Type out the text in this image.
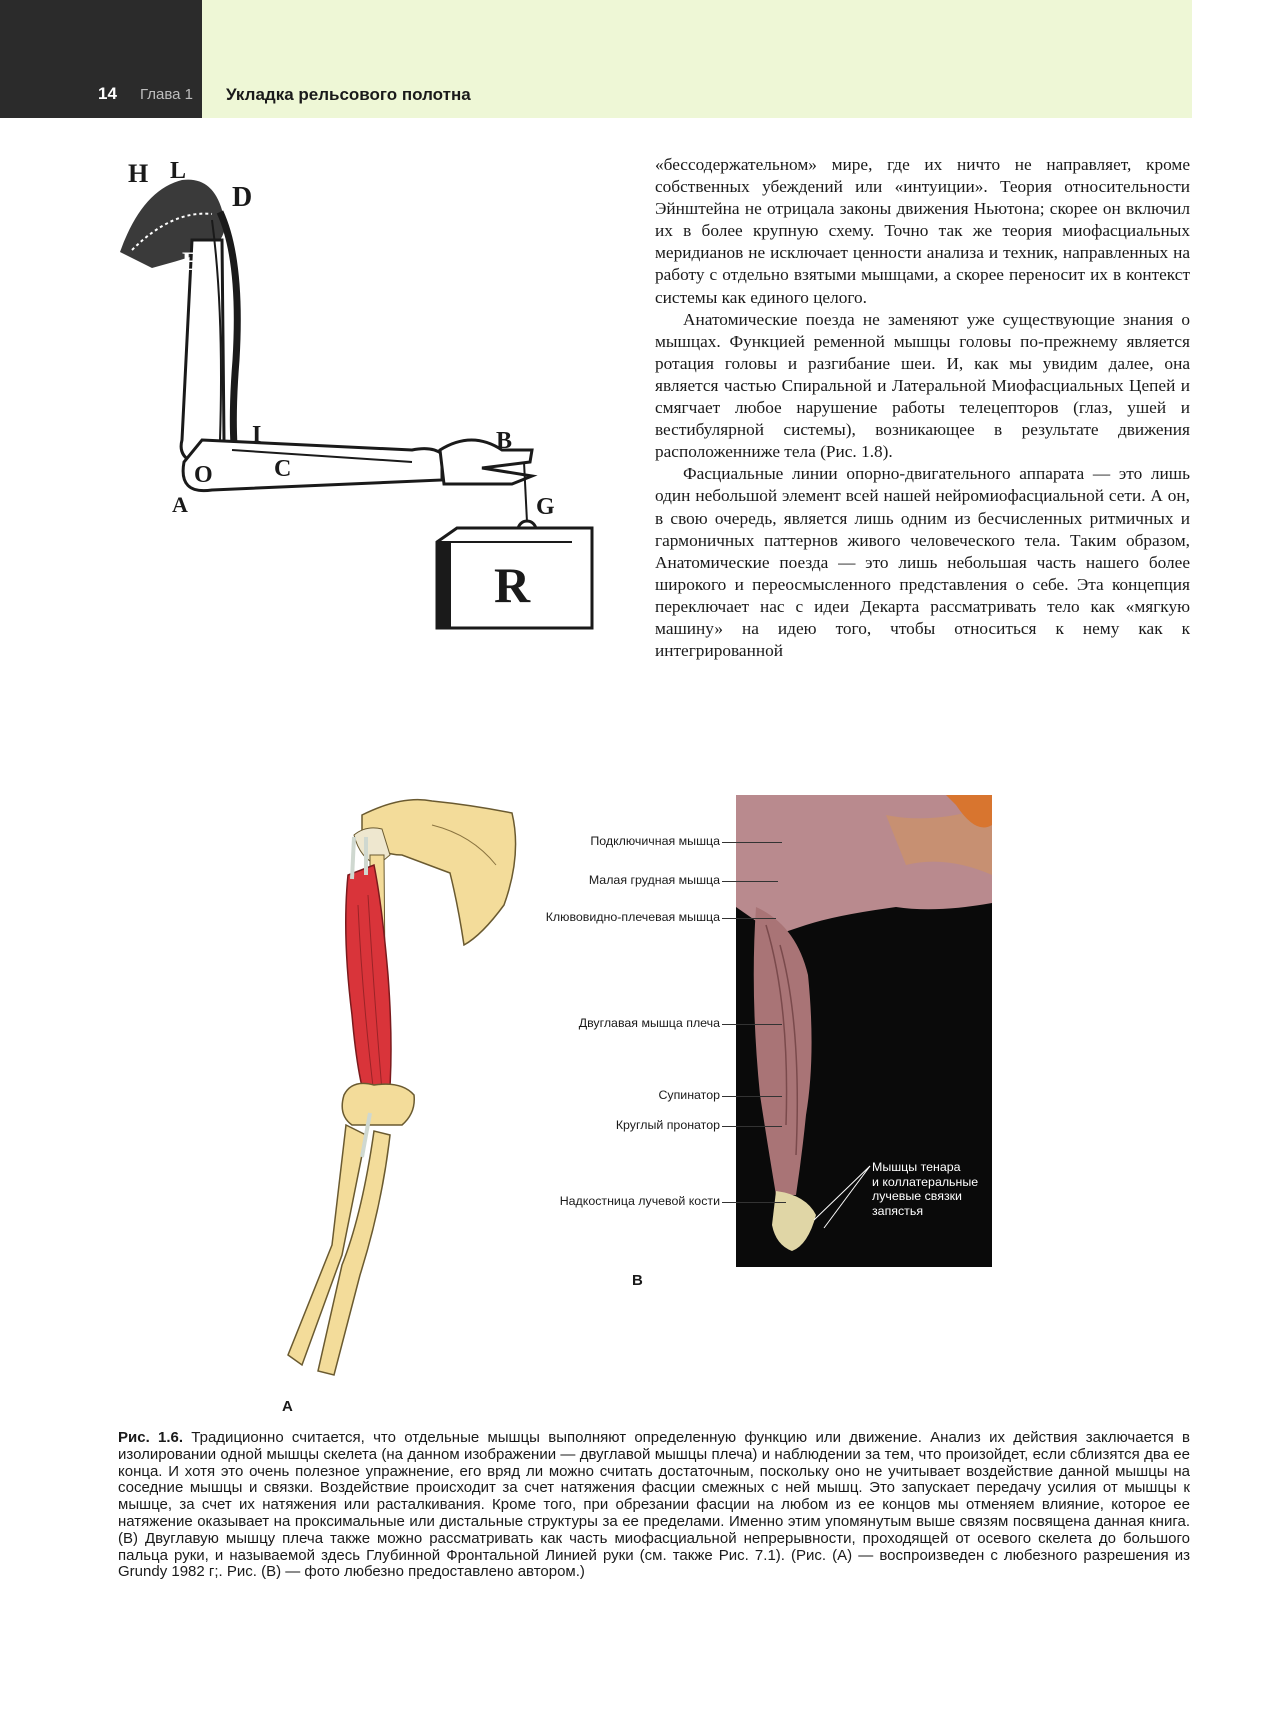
14 Глава 1 Укладка рельсового полотна
H L
D
E
I
O	C
A
B
G
R

«бессодержательном» мире, где их ничто не направляет, кроме собственных убеждений или «интуиции». Теория относительности Эйнштейна не отрицала законы движения Ньютона; скорее он включил их в более крупную схему. Точно так же теория миофасциальных меридианов не исключает ценности анализа и техник, направленных на работу с отдельно взятыми мышцами, а скорее переносит их в контекст системы как единого целого.

Анатомические поезда не заменяют уже существующие знания о мышцах. Функцией ременной мышцы головы по-прежнему является ротация головы и разгибание шеи. И, как мы увидим далее, она является частью Спиральной и Латеральной Миофасциальных Цепей и смягчает любое нарушение работы телецепторов (глаз, ушей и вестибулярной системы), возникающее в результате движения расположенниже тела (Рис. 1.8).

Фасциальные линии опорно-двигательного аппарата — это лишь один небольшой элемент всей нашей нейромиофасциальной сети. А он, в свою очередь, является лишь одним из бесчисленных ритмичных и гармоничных паттернов живого человеческого тела. Таким образом, Анатомические поезда — это лишь небольшая часть нашего более широкого и переосмысленного представления о себе. Эта концепция переключает нас с идеи Декарта рассматривать тело как «мягкую машину» на идею того, чтобы относиться к нему как к интегрированной

A
B
Подключичная мышца
Малая грудная мышца
Клювовидно-плечевая мышца
Двуглавая мышца плеча
Супинатор
Круглый пронатор
Надкостница лучевой кости
Мышцы тенара
и коллатеральные
лучевые связки
запястья
Рис. 1.6. Традиционно считается, что отдельные мышцы выполняют определенную функцию или движение. Анализ их действия заключается в изолировании одной мышцы скелета (на данном изображении — двуглавой мышцы плеча) и наблюдении за тем, что произойдет, если сблизятся два ее конца. И хотя это очень полезное упражнение, его вряд ли можно считать достаточным, поскольку оно не учитывает воздействие данной мышцы на соседние мышцы и связки. Воздействие происходит за счет натяжения фасции смежных с ней мышц. Это запускает передачу усилия от мышцы к мышце, за счет их натяжения или расталкивания. Кроме того, при обрезании фасции на любом из ее концов мы отменяем влияние, которое ее натяжение оказывает на проксимальные или дистальные структуры за ее пределами. Именно этим упомянутым выше связям посвящена данная книга. (B) Двуглавую мышцу плеча также можно рассматривать как часть миофасциальной непрерывности, проходящей от осевого скелета до большого пальца руки, и называемой здесь Глубинной Фронтальной Линией руки (см. также Рис. 7.1). (Рис. (A) — воспроизведен с любезного разрешения из Grundy 1982 г;. Рис. (B) — фото любезно предоставлено автором.)
